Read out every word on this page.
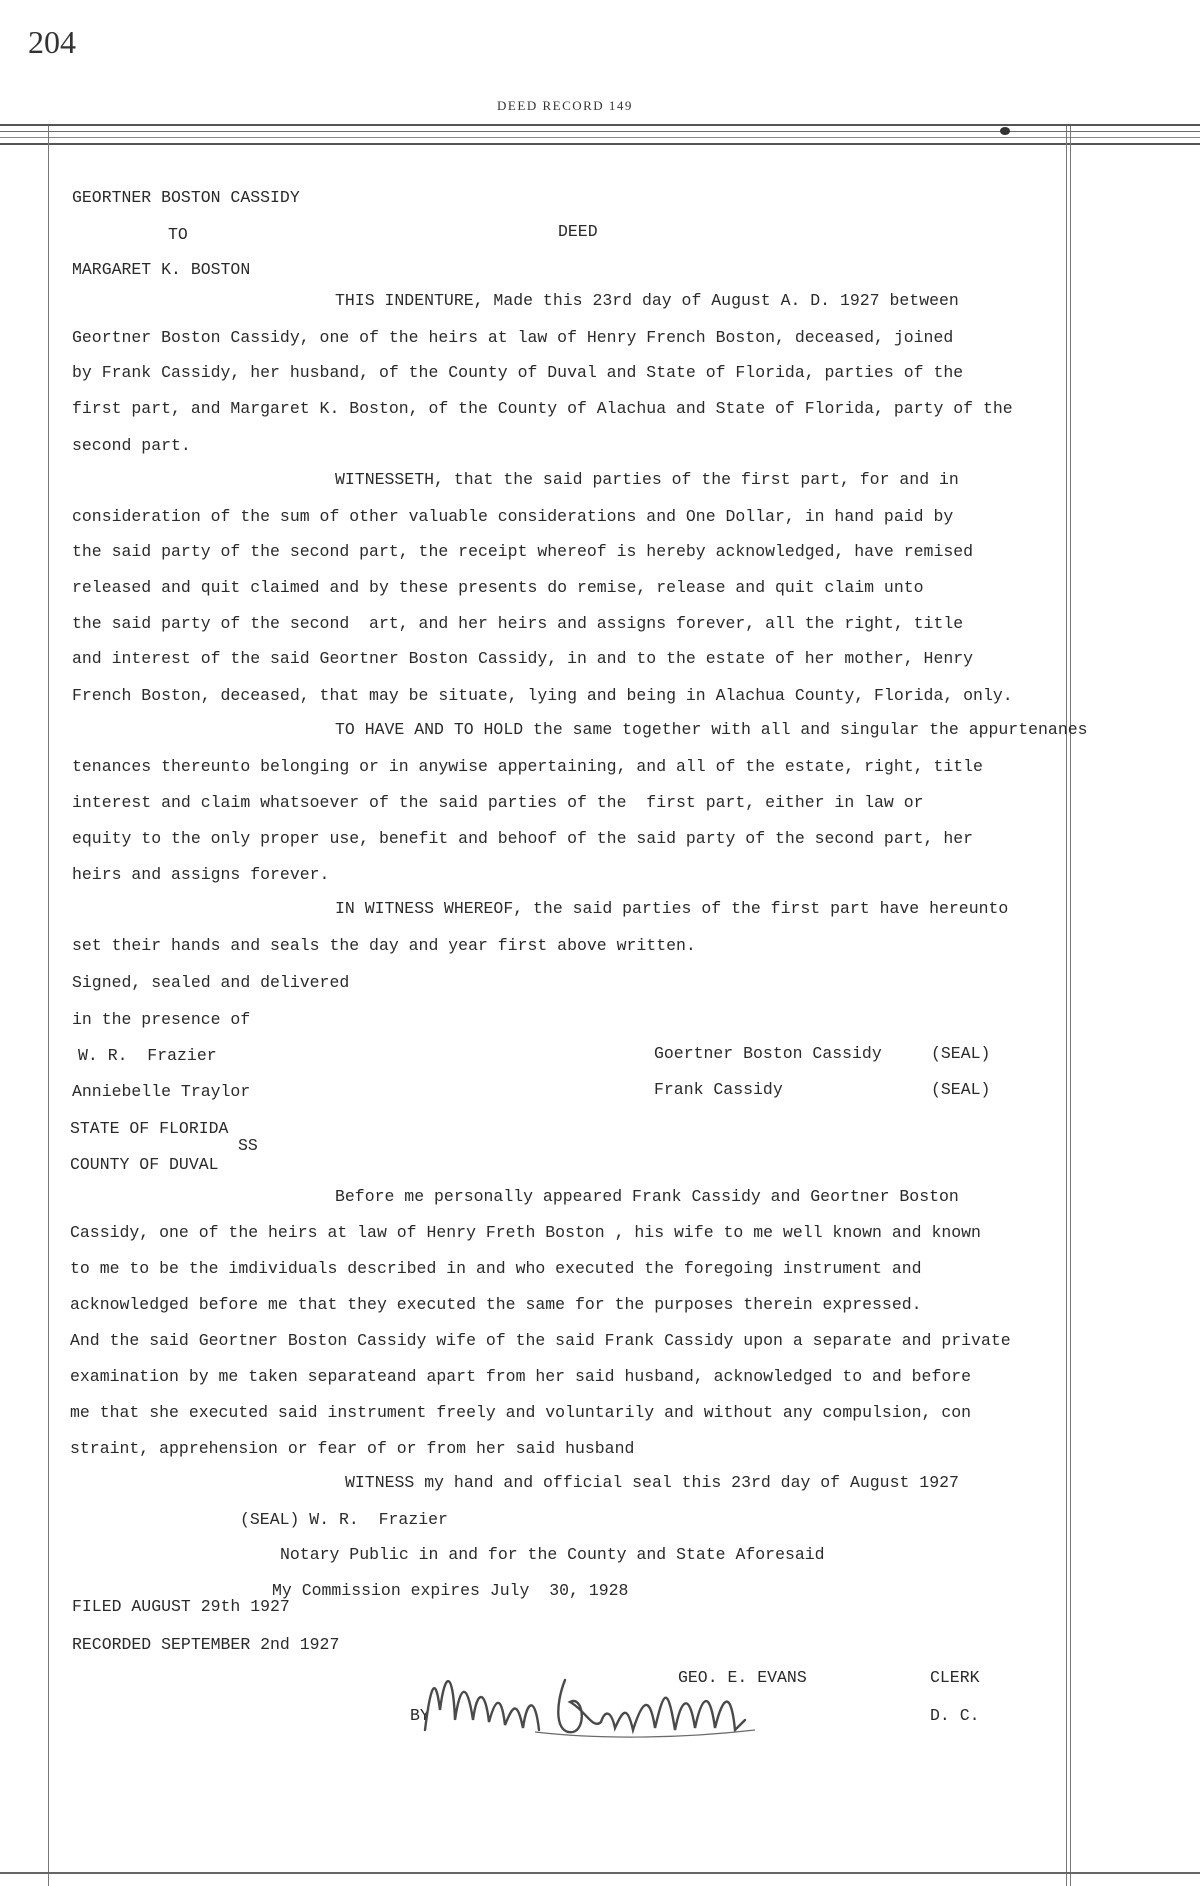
204
DEED RECORD 149
GEORTNER BOSTON CASSIDY
TO	DEED
MARGARET K. BOSTON
THIS INDENTURE, Made this 23rd day of August A. D. 1927 between
Geortner Boston Cassidy, one of the heirs at law of Henry French Boston, deceased, joined
by Frank Cassidy, her husband, of the County of Duval and State of Florida, parties of the
first part, and Margaret K. Boston, of the County of Alachua and State of Florida, party of the
second part.
WITNESSETH, that the said parties of the first part, for and in
consideration of the sum of other valuable considerations and One Dollar, in hand paid by
the said party of the second part, the receipt whereof is hereby acknowledged, have remised
released and quit claimed and by these presents do remise, release and quit claim unto
the said party of the second  art, and her heirs and assigns forever, all the right, title
and interest of the said Geortner Boston Cassidy, in and to the estate of her mother, Henry
French Boston, deceased, that may be situate, lying and being in Alachua County, Florida, only.
TO HAVE AND TO HOLD the same together with all and singular the appurtenanes
tenances thereunto belonging or in anywise appertaining, and all of the estate, right, title
interest and claim whatsoever of the said parties of the  first part, either in law or
equity to the only proper use, benefit and behoof of the said party of the second part, her
heirs and assigns forever.
IN WITNESS WHEREOF, the said parties of the first part have hereunto
set their hands and seals the day and year first above written.
Signed, sealed and delivered
in the presence of
W. R.  Frazier
Anniebelle Traylor
Goertner Boston Cassidy	(SEAL)
Frank Cassidy	(SEAL)
STATE OF FLORIDA
SS
COUNTY OF DUVAL
Before me personally appeared Frank Cassidy and Geortner Boston
Cassidy, one of the heirs at law of Henry Freth Boston , his wife to me well known and known
to me to be the imdividuals described in and who executed the foregoing instrument and
acknowledged before me that they executed the same for the purposes therein expressed.
And the said Geortner Boston Cassidy wife of the said Frank Cassidy upon a separate and private
examination by me taken separateand apart from her said husband, acknowledged to and before
me that she executed said instrument freely and voluntarily and without any compulsion, con
straint, apprehension or fear of or from her said husband
WITNESS my hand and official seal this 23rd day of August 1927
(SEAL) W. R.  Frazier
Notary Public in and for the County and State Aforesaid
My Commission expires July  30, 1928
FILED AUGUST 29th 1927
RECORDED SEPTEMBER 2nd 1927
GEO. E. EVANS	CLERK
BY	D. C.
